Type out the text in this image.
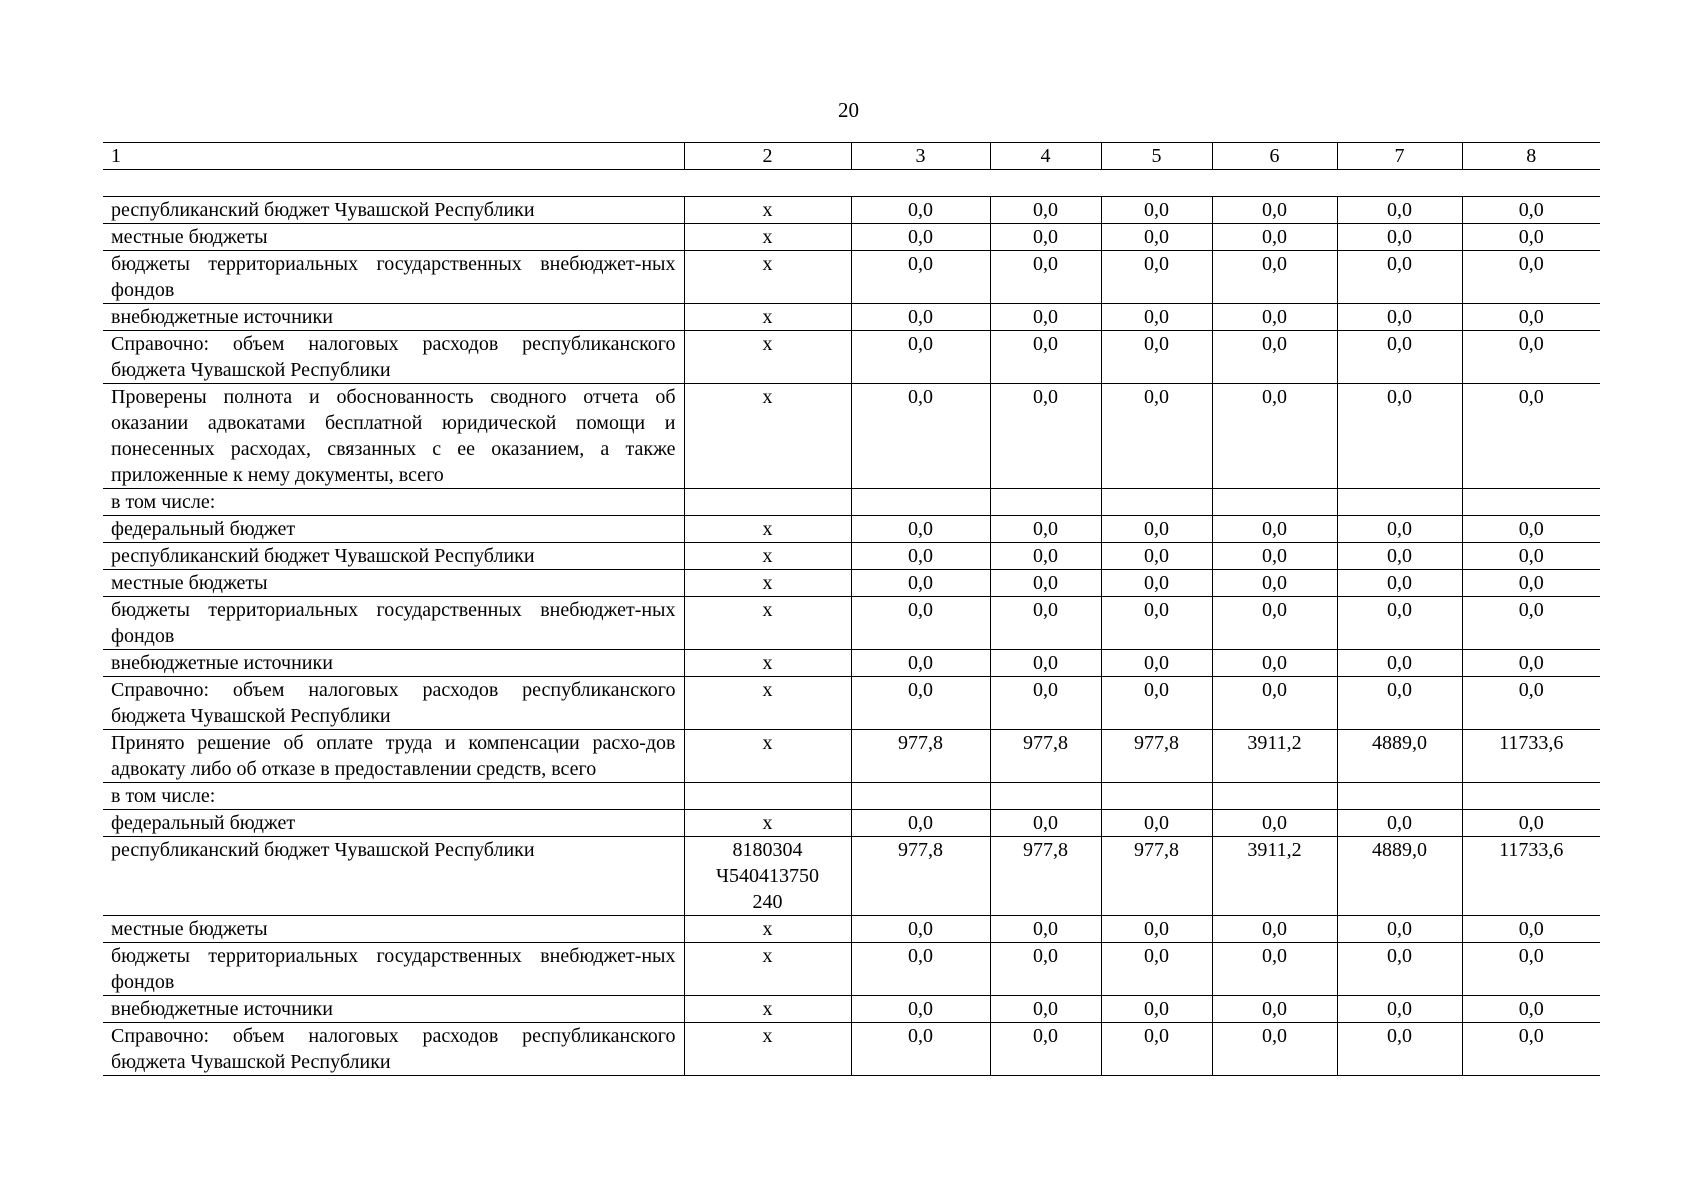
20
1	2	3	4	5	6	7	8

республиканский бюджет Чувашской Республики	х	0,0	0,0	0,0	0,0	0,0	0,0
местные бюджеты	х	0,0	0,0	0,0	0,0	0,0	0,0
бюджеты территориальных государственных внебюджет-ных фондов	х	0,0	0,0	0,0	0,0	0,0	0,0
внебюджетные источники	х	0,0	0,0	0,0	0,0	0,0	0,0
Справочно: объем налоговых расходов республиканского бюджета Чувашской Республики	х	0,0	0,0	0,0	0,0	0,0	0,0
Проверены полнота и обоснованность сводного отчета об оказании адвокатами бесплатной юридической помощи и понесенных расходах, связанных с ее оказанием, а также приложенные к нему документы, всего	х	0,0	0,0	0,0	0,0	0,0	0,0
в том числе:							
федеральный бюджет	х	0,0	0,0	0,0	0,0	0,0	0,0
республиканский бюджет Чувашской Республики	х	0,0	0,0	0,0	0,0	0,0	0,0
местные бюджеты	х	0,0	0,0	0,0	0,0	0,0	0,0
бюджеты территориальных государственных внебюджет-ных фондов	х	0,0	0,0	0,0	0,0	0,0	0,0
внебюджетные источники	х	0,0	0,0	0,0	0,0	0,0	0,0
Справочно: объем налоговых расходов республиканского бюджета Чувашской Республики	х	0,0	0,0	0,0	0,0	0,0	0,0
Принято решение об оплате труда и компенсации расхо-дов адвокату либо об отказе в предоставлении средств, всего	х	977,8	977,8	977,8	3911,2	4889,0	11733,6
в том числе:							
федеральный бюджет	х	0,0	0,0	0,0	0,0	0,0	0,0
республиканский бюджет Чувашской Республики	8180304 Ч540413750 240	977,8	977,8	977,8	3911,2	4889,0	11733,6
местные бюджеты	х	0,0	0,0	0,0	0,0	0,0	0,0
бюджеты территориальных государственных внебюджет-ных фондов	х	0,0	0,0	0,0	0,0	0,0	0,0
внебюджетные источники	х	0,0	0,0	0,0	0,0	0,0	0,0
Справочно: объем налоговых расходов республиканского бюджета Чувашской Республики	х	0,0	0,0	0,0	0,0	0,0	0,0
